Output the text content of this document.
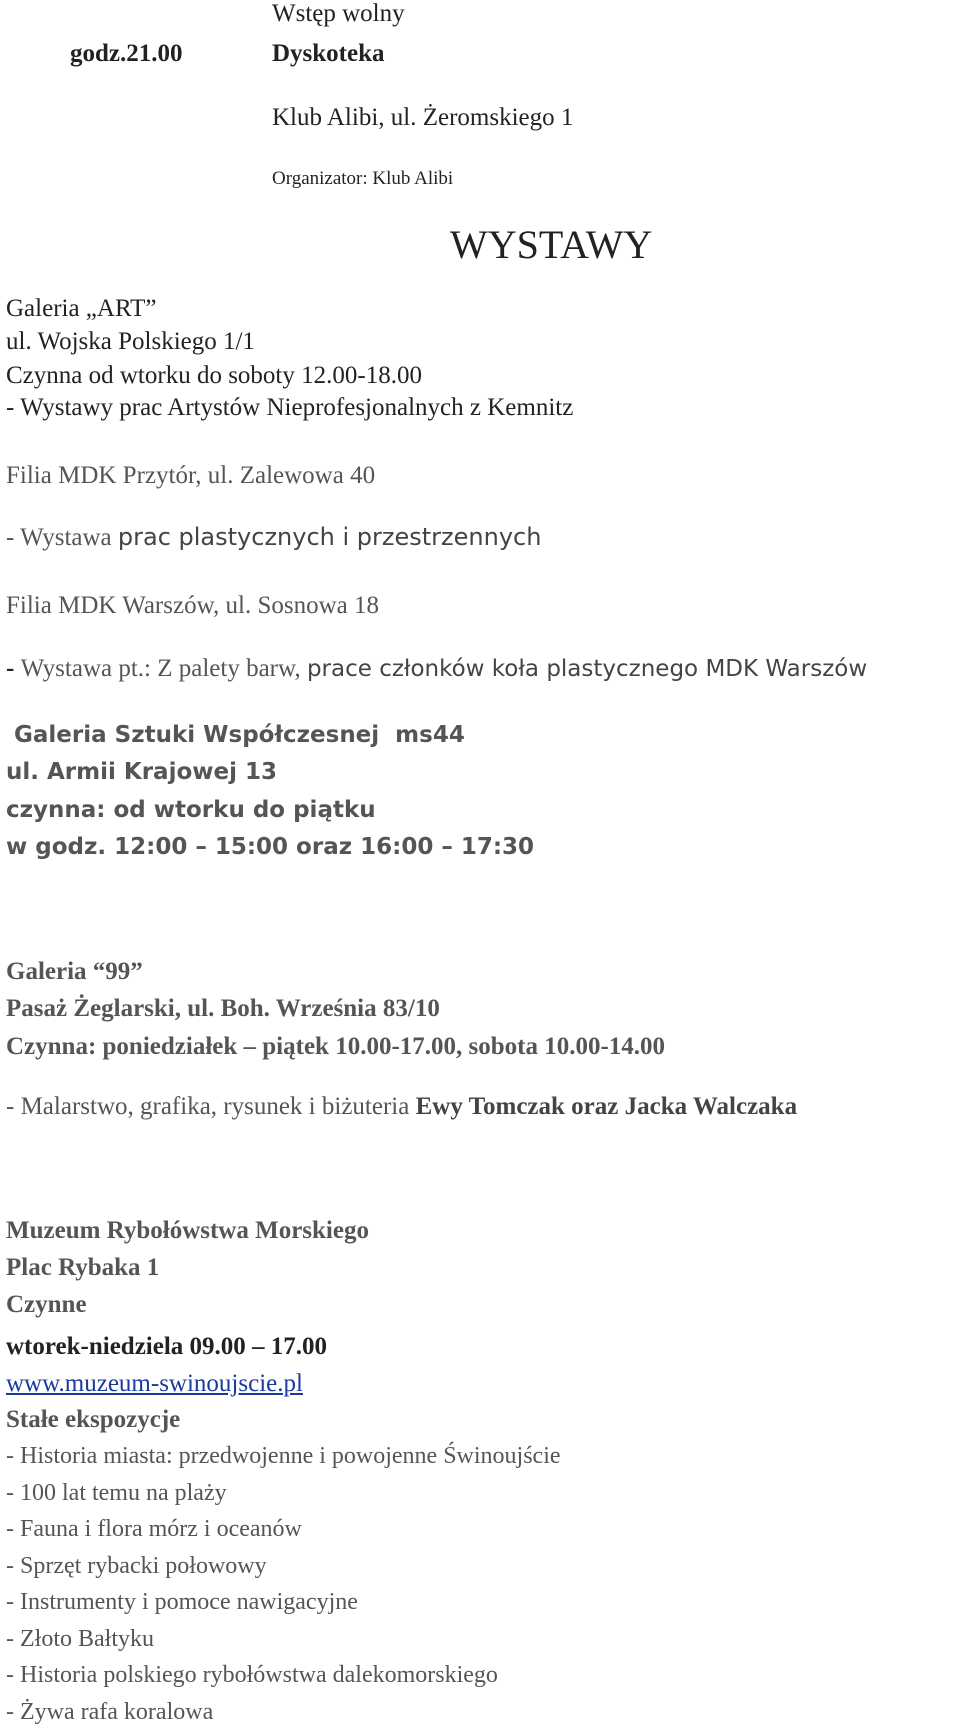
Wstęp wolny
godz.21.00	Dyskoteka
Klub Alibi, ul. Żeromskiego 1
Organizator: Klub Alibi
WYSTAWY
Galeria „ART”
ul. Wojska Polskiego 1/1
Czynna od wtorku do soboty 12.00-18.00
- Wystawy prac Artystów Nieprofesjonalnych z Kemnitz
Filia MDK Przytór, ul. Zalewowa 40
- Wystawa prac plastycznych i przestrzennych
Filia MDK Warszów, ul. Sosnowa 18
- Wystawa pt.: Z palety barw, prace członków koła plastycznego MDK Warszów
Galeria Sztuki Współczesnej  ms44
ul. Armii Krajowej 13
czynna: od wtorku do piątku
w godz. 12:00 – 15:00 oraz 16:00 – 17:30
Galeria “99”
Pasaż Żeglarski, ul. Boh. Września 83/10
Czynna: poniedziałek – piątek 10.00-17.00, sobota 10.00-14.00
- Malarstwo, grafika, rysunek i biżuteria Ewy Tomczak oraz Jacka Walczaka
Muzeum Rybołówstwa Morskiego
Plac Rybaka 1
Czynne
wtorek-niedziela 09.00 – 17.00
www.muzeum-swinoujscie.pl
Stałe ekspozycje
- Historia miasta: przedwojenne i powojenne Świnoujście
- 100 lat temu na plaży
- Fauna i flora mórz i oceanów
- Sprzęt rybacki połowowy
- Instrumenty i pomoce nawigacyjne
- Złoto Bałtyku
- Historia polskiego rybołówstwa dalekomorskiego
- Żywa rafa koralowa
